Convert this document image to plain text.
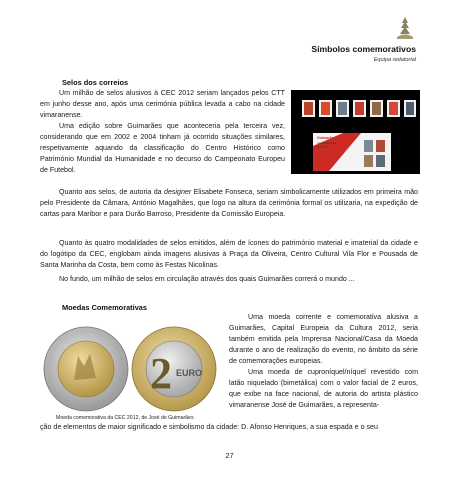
Símbolos comemorativos
Equipa redatorial
Selos dos correios

Um milhão de selos alusivos à CEC 2012 seriam lançados pelos CTT em junho desse ano, após uma cerimónia pública levada a cabo na cidade vimaranense.

Uma edição sobre Guimarães que aconteceria pela terceira vez, considerando que em 2002 e 2004 tinham já ocorrido situações similares, respetivamente aquando da classificação do Centro Histórico como Património Mundial da Humanidade e no decurso do Campeonato Europeu de Futebol.

Quanto aos selos, de autoria da designer Elisabete Fonseca, seriam simbolicamente utilizados em primeira mão pelo Presidente da Câmara, António Magalhães, que logo na altura da cerimónia formal os utilizaria, na expedição de cartas para Maribor e para Durão Barroso, Presidente da Comissão Europeia.

Quanto às quatro modalidades de selos emitidos, além de ícones do património material e imaterial da cidade e do logótipo da CEC, englobam ainda imagens alusivas à Praça da Oliveira, Centro Cultural Vila Flor e Pousada de Santa Marinha da Costa, bem como às Festas Nicolinas.

No fundo, um milhão de selos em circulação através dos quais Guimarães correrá o mundo ...

Guimarães 2012
Capital Europeia
da Cultura
Moedas Comemorativas

Uma moeda corrente e comemorativa alusiva a Guimarães, Capital Europeia da Cultura 2012, seria também emitida pela Imprensa Nacional/Casa da Moeda durante o ano de realização do evento, no âmbito da série de comemorações europeias.

Uma moeda de cuproníquel/níquel revestido com latão niquelado (bimetálica) com o valor facial de 2 euros, que exibe na face nacional, de autoria do artista plástico vimaranense José de Guimarães, a representa-

ção de elementos de maior significado e simbolismo da cidade: D. Afonso Henriques, a sua espada e o seu

2 EURO
Moeda comemorativa da CEC 2012, de José de Guimarães
27
